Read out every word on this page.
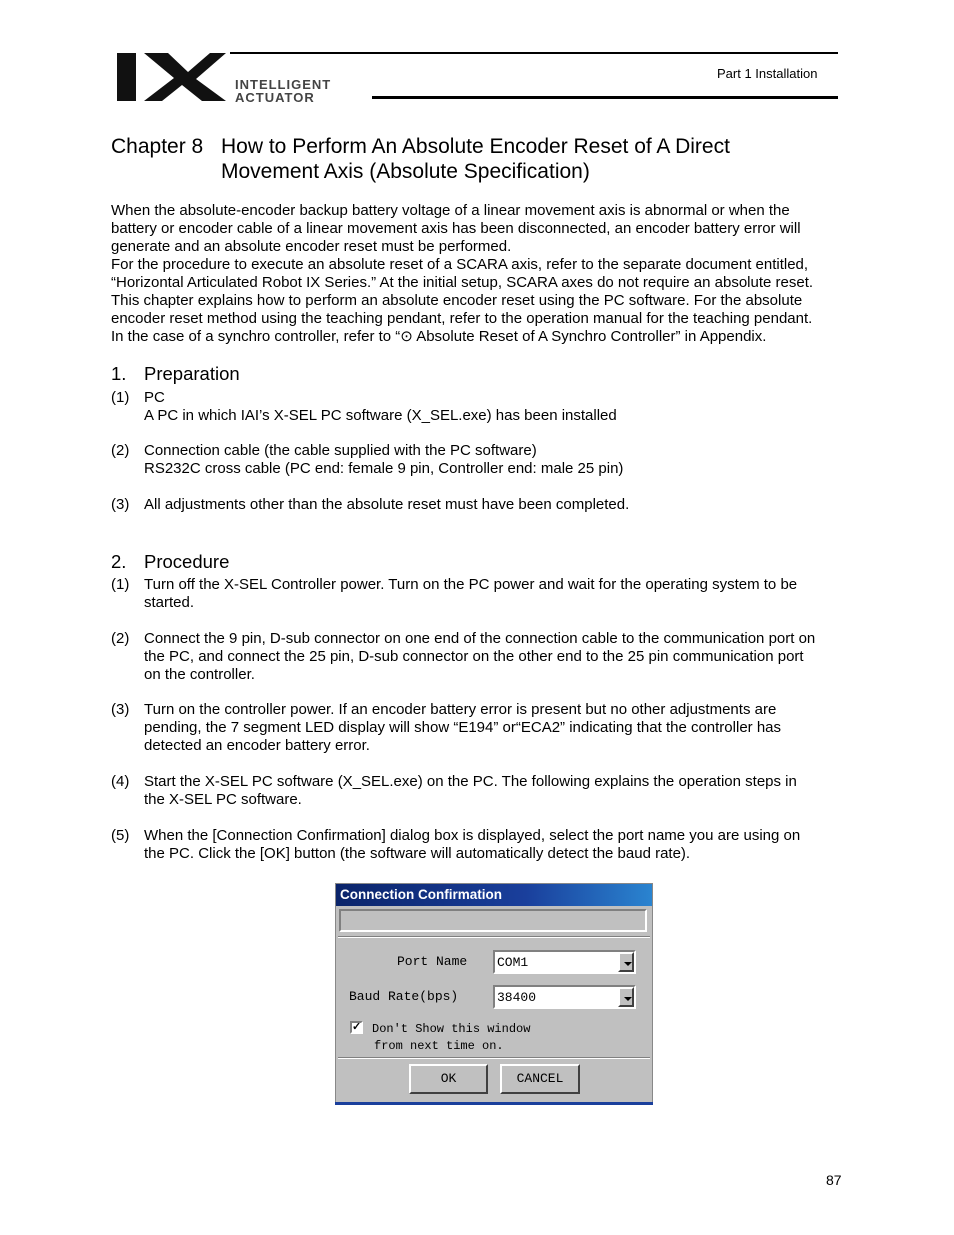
INTELLIGENT
ACTUATOR
Part 1 Installation
Chapter 8 How to Perform An Absolute Encoder Reset of A Direct
Movement Axis (Absolute Specification)
When the absolute-encoder backup battery voltage of a linear movement axis is abnormal or when the
battery or encoder cable of a linear movement axis has been disconnected, an encoder battery error will
generate and an absolute encoder reset must be performed.
For the procedure to execute an absolute reset of a SCARA axis, refer to the separate document entitled,
“Horizontal Articulated Robot IX Series.” At the initial setup, SCARA axes do not require an absolute reset.
This chapter explains how to perform an absolute encoder reset using the PC software. For the absolute
encoder reset method using the teaching pendant, refer to the operation manual for the teaching pendant.
In the case of a synchro controller, refer to “⊙ Absolute Reset of A Synchro Controller” in Appendix.
1. Preparation
(1) PC
A PC in which IAI’s X-SEL PC software (X_SEL.exe) has been installed
(2) Connection cable (the cable supplied with the PC software)
RS232C cross cable (PC end: female 9 pin, Controller end: male 25 pin)
(3) All adjustments other than the absolute reset must have been completed.
2. Procedure
(1) Turn off the X-SEL Controller power. Turn on the PC power and wait for the operating system to be
started.
(2) Connect the 9 pin, D-sub connector on one end of the connection cable to the communication port on
the PC, and connect the 25 pin, D-sub connector on the other end to the 25 pin communication port
on the controller.
(3) Turn on the controller power. If an encoder battery error is present but no other adjustments are
pending, the 7 segment LED display will show “E194” or“ECA2” indicating that the controller has
detected an encoder battery error.
(4) Start the X-SEL PC software (X_SEL.exe) on the PC. The following explains the operation steps in
the X-SEL PC software.
(5) When the [Connection Confirmation] dialog box is displayed, select the port name you are using on
the PC. Click the [OK] button (the software will automatically detect the baud rate).
Connection Confirmation
Port Name COM1
Baud Rate(bps)	38400
✓ Don't Show this window
from next time on.
OK	CANCEL
87
